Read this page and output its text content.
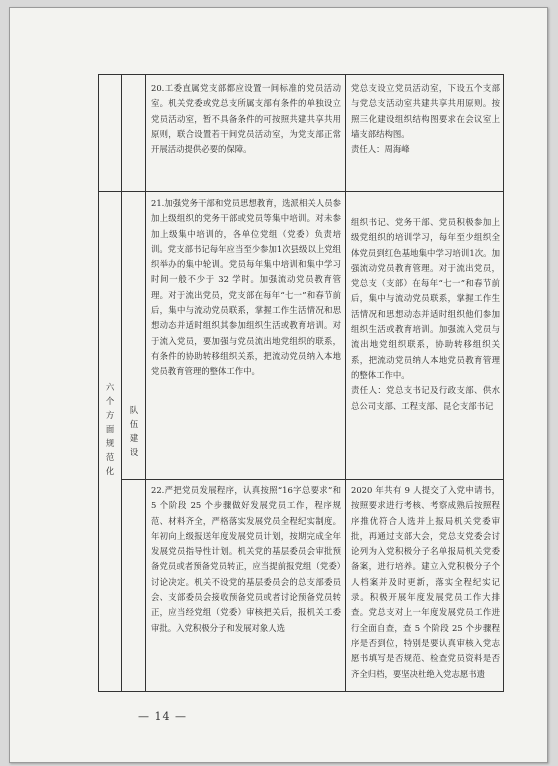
六个方面规范化
队伍建设
20.工委直属党支部都应设置一间标准的党员活动室。机关党委或党总支所属支部有条件的单独设立党员活动室，暂不具备条件的可按照共建共享共用原则，联合设置若干间党员活动室，为党支部正常开展活动提供必要的保障。
党总支设立党员活动室，下设五个支部与党总支活动室共建共享共用原则。按照三化建设组织结构图要求在会议室上墙支部结构图。
责任人：周海峰
21.加强党务干部和党员思想教育，选派相关人员参加上级组织的党务干部或党员等集中培训。对未参加上级集中培训的，各单位党组（党委）负责培训。党支部书记每年应当至少参加1次县级以上党组织举办的集中轮训。党员每年集中培训和集中学习时间一般不少于 32 学时。加强流动党员教育管理。对于流出党员，党支部在每年“七一”和春节前后，集中与流动党员联系，掌握工作生活情况和思想动态并适时组织其参加组织生活或教育培训。对于流入党员，要加强与党员流出地党组织的联系，有条件的协助转移组织关系，把流动党员纳入本地党员教育管理的整体工作中。
组织书记、党务干部、党员积极参加上级党组织的培训学习，每年至少组织全体党员到红色基地集中学习培训1次。加强流动党员教育管理。对于流出党员，党总支（支部）在每年“七一”和春节前后，集中与流动党员联系，掌握工作生活情况和思想动态并适时组织他们参加组织生活或教育培训。加强流入党员与流出地党组织联系，协助转移组织关系，把流动党员纳人本地党员教育管理的整体工作中。
责任人：党总支书记及行政支部、供水总公司支部、工程支部、昆仑支部书记
22.严把党员发展程序，认真按照“16字总要求”和 5 个阶段 25 个步骤做好发展党员工作，程序规范、材料齐全，严格落实发展党员全程纪实制度。年初向上级报送年度发展党员计划，按期完成全年发展党员指导性计划。机关党的基层委员会审批预备党员或者预备党员转正，应当提前报党组（党委）讨论决定。机关不设党的基层委员会的总支部委员会、支部委员会接收预备党员或者讨论预备党员转正，应当经党组（党委）审核把关后，报机关工委审批。入党积极分子和发展对象人选
2020 年共有 9 人提交了入党申请书，按照要求进行考核、考察成熟后按照程序推优符合人选并上报局机关党委审批，再通过支部大会，党总支党委会讨论列为入党积极分子名单报局机关党委备案，进行培养。建立入党积极分子个人档案并及时更新，落实全程纪实记录。积极开展年度发展党员工作大排查。党总支对上一年度发展党员工作进行全面自查，查 5 个阶段 25 个步骤程序是否到位，特别是要认真审核入党志愿书填写是否规范、检查党员资料是否齐全归档，要坚决杜绝入党志愿书遗
— 14 —
